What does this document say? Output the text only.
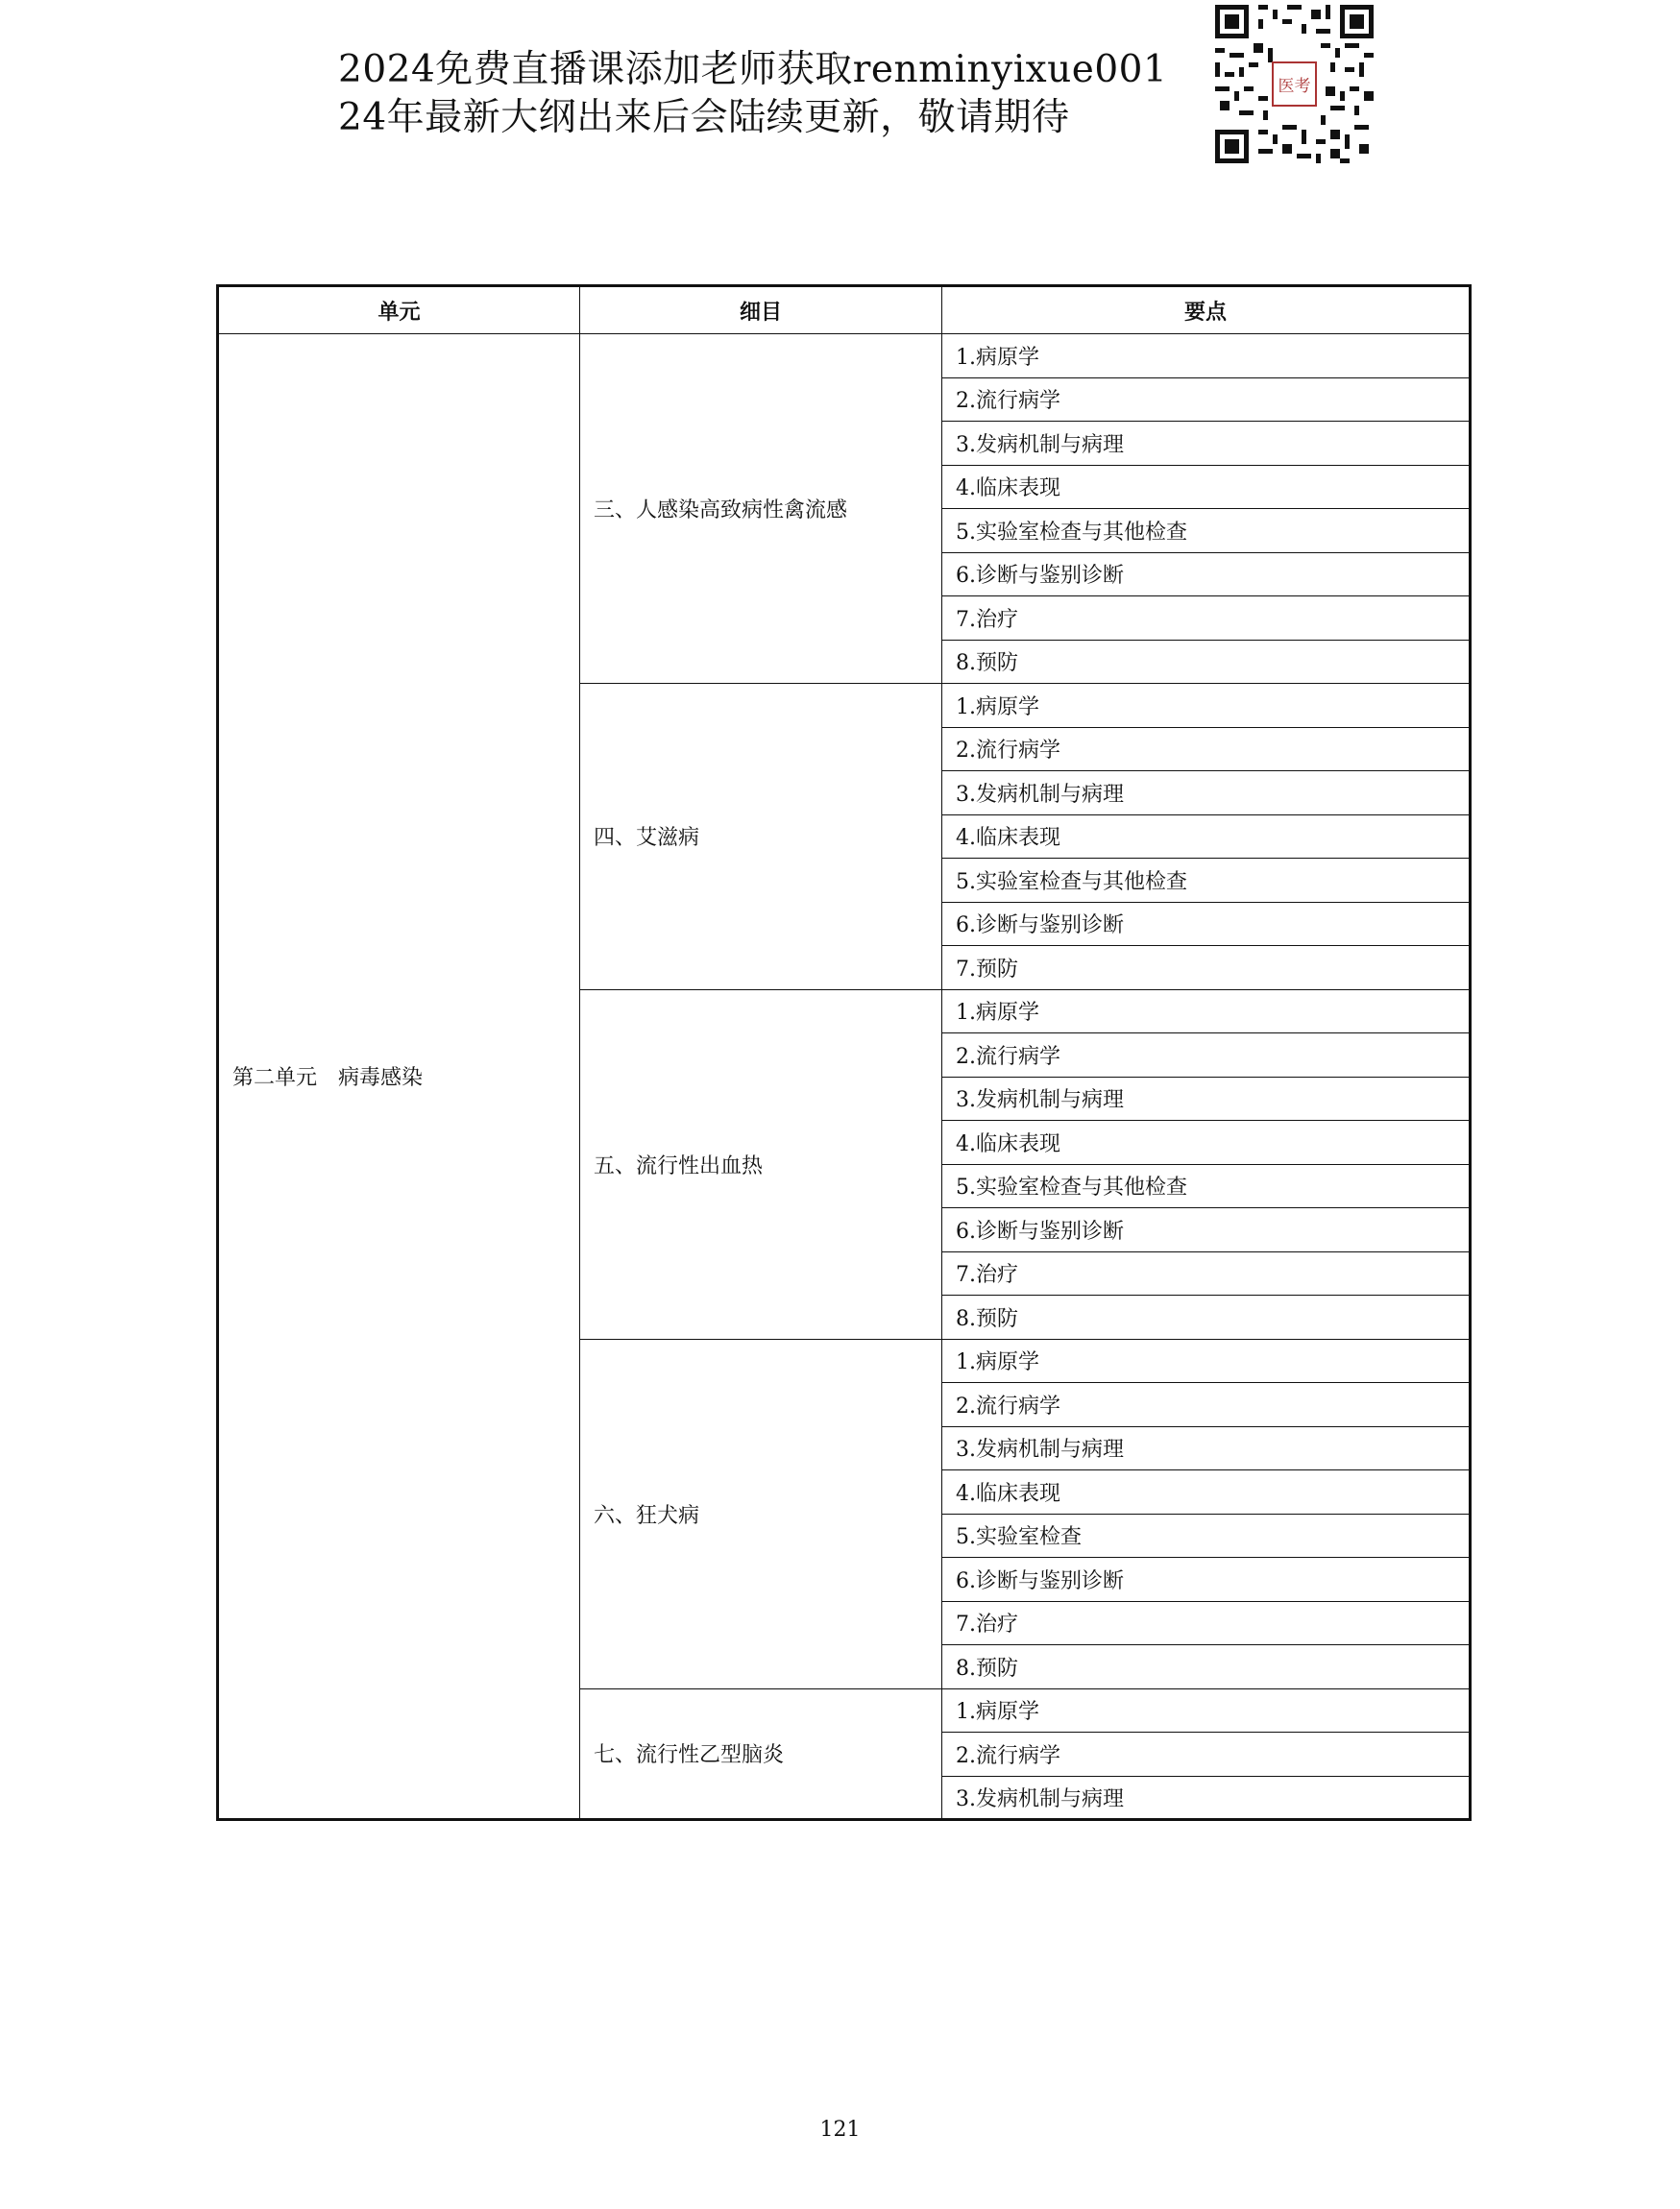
2024免费直播课添加老师获取renminyixue001
24年最新大纲出来后会陆续更新，敬请期待
医考
单元	细目	要点
第二单元　病毒感染	三、人感染高致病性禽流感	1.病原学
		2.流行病学
		3.发病机制与病理
		4.临床表现
		5.实验室检查与其他检查
		6.诊断与鉴别诊断
		7.治疗
		8.预防
	四、艾滋病	1.病原学
		2.流行病学
		3.发病机制与病理
		4.临床表现
		5.实验室检查与其他检查
		6.诊断与鉴别诊断
		7.预防
	五、流行性出血热	1.病原学
		2.流行病学
		3.发病机制与病理
		4.临床表现
		5.实验室检查与其他检查
		6.诊断与鉴别诊断
		7.治疗
		8.预防
	六、狂犬病	1.病原学
		2.流行病学
		3.发病机制与病理
		4.临床表现
		5.实验室检查
		6.诊断与鉴别诊断
		7.治疗
		8.预防
	七、流行性乙型脑炎	1.病原学
		2.流行病学
		3.发病机制与病理
121
